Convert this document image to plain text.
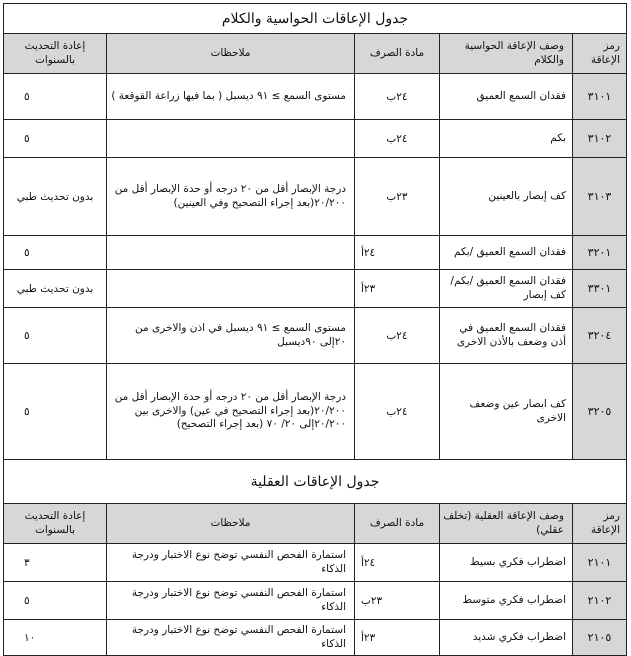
جدول الإعاقات الحواسية والكلام				
رمز الإعاقة	وصف الإعاقة الحواسية والكلام	مادة الصرف	ملاحظات	إعادة التحديث بالسنوات
٣١٠١	فقدان السمع العميق	٢٤ب	مستوى السمع ≥ ٩١ ديسبل ( بما فيها زراعة القوقعة )	٥
٣١٠٢	بكم	٢٤ب		٥
٣١٠٣	كف إبصار بالعينين	٢٣ب	درجة الإبصار أقل من ٢٠ درجه أو حدة الإبصار أقل من ٢٠/٢٠٠(بعد إجراء التصحيح وفي العينين)	بدون تحديث طبي
٣٢٠١	فقدان السمع العميق /بكم	٢٤أ		٥
٣٣٠١	فقدان السمع العميق /بكم/كف إبصار	٢٣أ		بدون تحديث طبي
٣٢٠٤	فقدان السمع العميق في أذن وضعف بالأذن الاخرى	٢٤ب	مستوى السمع ≥ ٩١ ديسبل في اذن والاخرى من ٢٠إلى ٩٠ديسبل	٥
٣٢٠٥	كف ابصار عين وضعف الاخرى	٢٤ب	درجة الإبصار أقل من ٢٠ درجه أو حدة الإبصار أقل من ٢٠/٢٠٠(بعد إجراء التصحيح في عين) والاخرى بين ٢٠/٢٠٠إلى ٢٠/ ٧٠ (بعد إجراء التصحيح)	٥
جدول الإعاقات العقلية				
رمز الإعاقة	وصف الإعاقة العقلية (تخلف عقلي)	مادة الصرف	ملاحظات	إعادة التحديث بالسنوات
٢١٠١	اضطراب فكري بسيط	٢٤أ	استمارة الفحص النفسي توضح نوع الاختبار ودرجة الذكاء	٣
٢١٠٢	اضطراب فكري متوسط	٢٣ب	استمارة الفحص النفسي توضح نوع الاختبار ودرجة الذكاء	٥
٢١٠٥	اضطراب فكري شديد	٢٣أ	استمارة الفحص النفسي توضح نوع الاختبار ودرجة الذكاء	١٠
